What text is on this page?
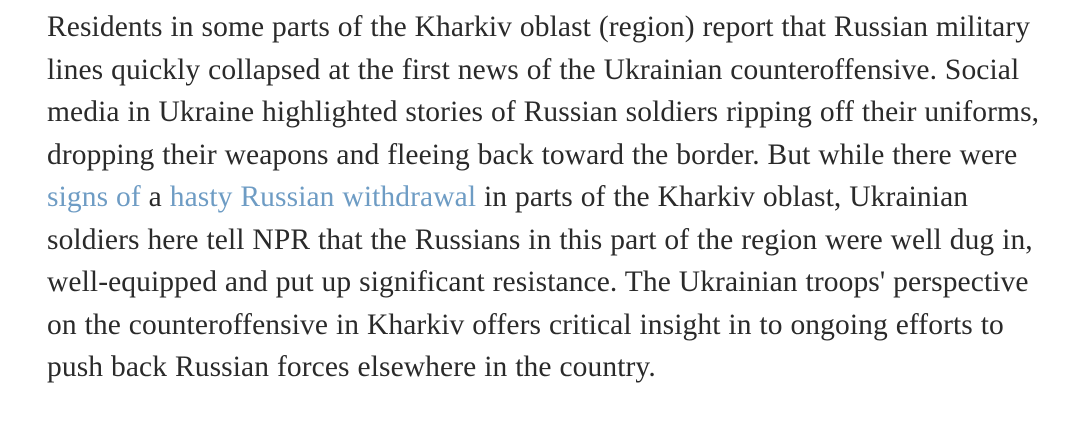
Residents in some parts of the Kharkiv oblast (region) report that Russian military lines quickly collapsed at the first news of the Ukrainian counteroffensive. Social media in Ukraine highlighted stories of Russian soldiers ripping off their uniforms, dropping their weapons and fleeing back toward the border. But while there were signs of a hasty Russian withdrawal in parts of the Kharkiv oblast, Ukrainian soldiers here tell NPR that the Russians in this part of the region were well dug in, well-equipped and put up significant resistance. The Ukrainian troops' perspective on the counteroffensive in Kharkiv offers critical insight in to ongoing efforts to push back Russian forces elsewhere in the country.
